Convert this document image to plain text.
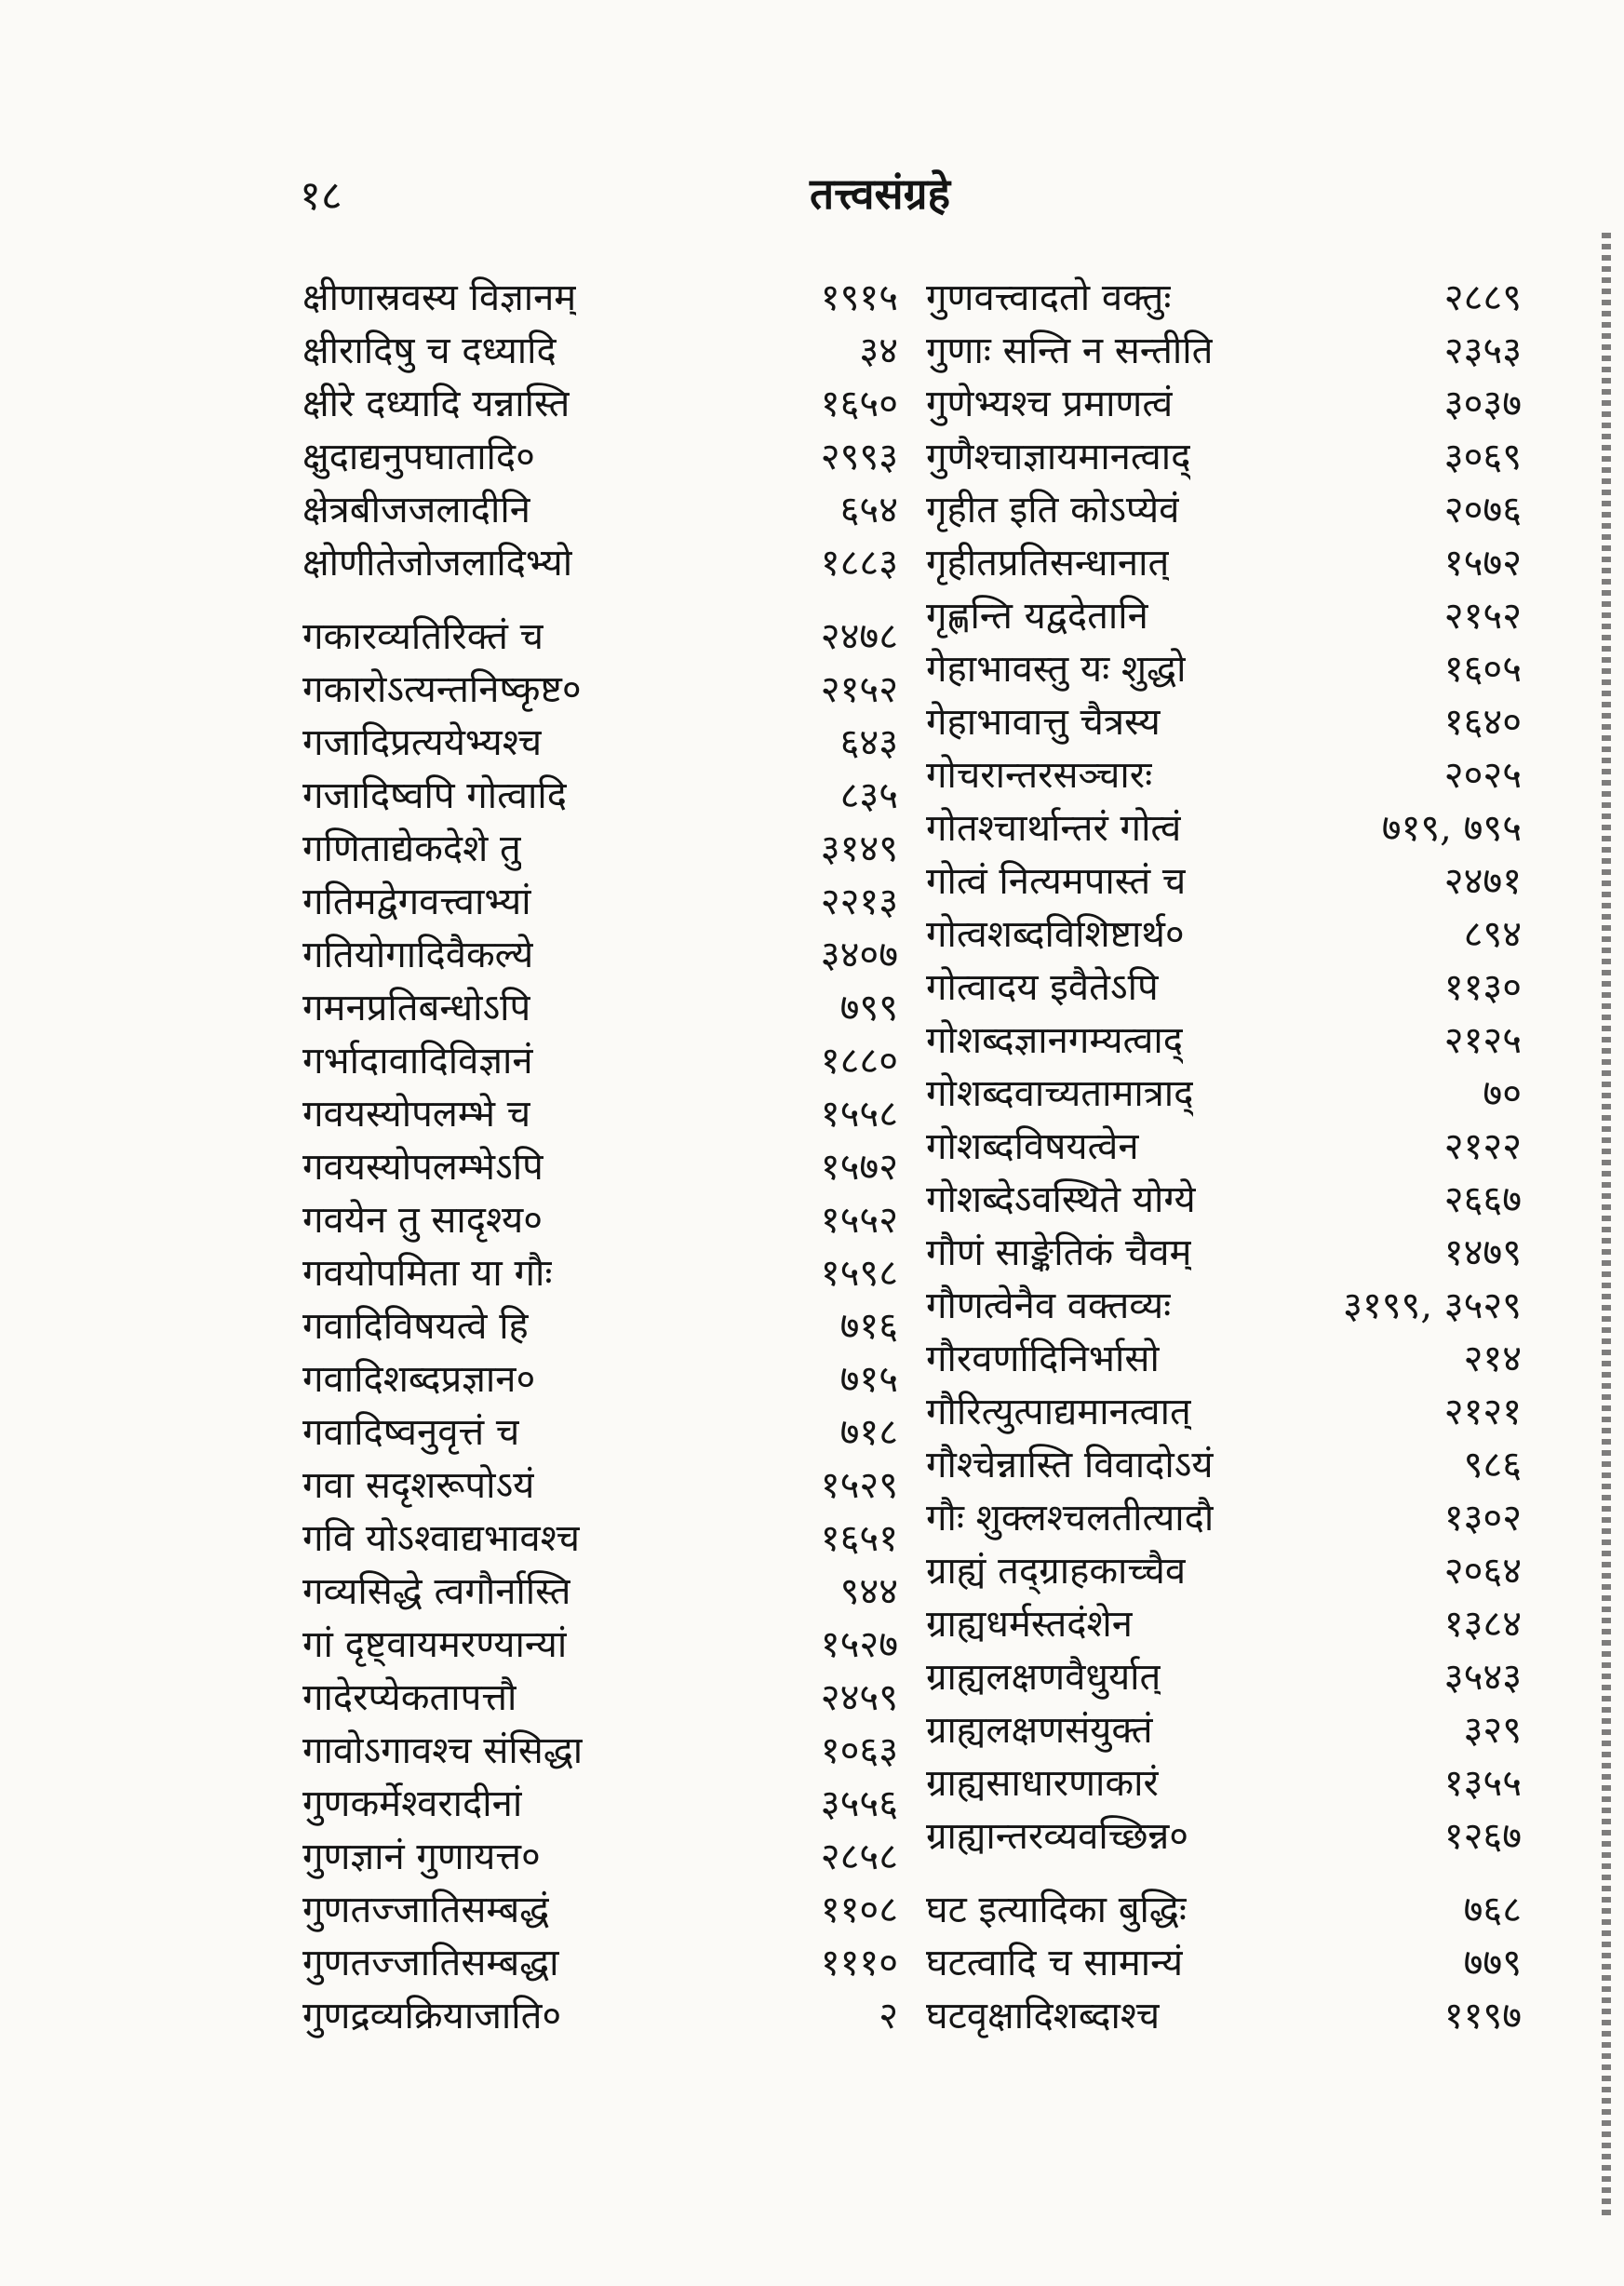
१८	तत्त्वसंग्रहे
क्षीणास्रवस्य विज्ञानम्	१९१५
क्षीरादिषु च दध्यादि	३४
क्षीरे दध्यादि यन्नास्ति	१६५०
क्षुदाद्यनुपघातादि०	२९९३
क्षेत्रबीजजलादीनि	६५४
क्षोणीतेजोजलादिभ्यो	१८८३
गकारव्यतिरिक्तं च	२४७८
गकारोऽत्यन्तनिष्कृष्ट०	२१५२
गजादिप्रत्ययेभ्यश्च	६४३
गजादिष्वपि गोत्वादि	८३५
गणिताद्येकदेशे तु	३१४९
गतिमद्वेगवत्त्वाभ्यां	२२१३
गतियोगादिवैकल्ये	३४०७
गमनप्रतिबन्धोऽपि	७९९
गर्भादावादिविज्ञानं	१८८०
गवयस्योपलम्भे च	१५५८
गवयस्योपलम्भेऽपि	१५७२
गवयेन तु सादृश्य०	१५५२
गवयोपमिता या गौः	१५९८
गवादिविषयत्वे हि	७१६
गवादिशब्दप्रज्ञान०	७१५
गवादिष्वनुवृत्तं च	७१८
गवा सदृशरूपोऽयं	१५२९
गवि योऽश्वाद्यभावश्च	१६५१
गव्यसिद्धे त्वगौर्नास्ति	९४४
गां दृष्ट्वायमरण्यान्यां	१५२७
गादेरप्येकतापत्तौ	२४५९
गावोऽगावश्च संसिद्धा	१०६३
गुणकर्मेश्वरादीनां	३५५६
गुणज्ञानं गुणायत्त०	२८५८
गुणतज्जातिसम्बद्धं	११०८
गुणतज्जातिसम्बद्धा	१११०
गुणद्रव्यक्रियाजाति०	२
गुणवत्त्वादतो वक्तुः	२८८९
गुणाः सन्ति न सन्तीति	२३५३
गुणेभ्यश्च प्रमाणत्वं	३०३७
गुणैश्चाज्ञायमानत्वाद्	३०६९
गृहीत इति कोऽप्येवं	२०७६
गृहीतप्रतिसन्धानात्	१५७२
गृह्णन्ति यद्वदेतानि	२१५२
गेहाभावस्तु यः शुद्धो	१६०५
गेहाभावात्तु चैत्रस्य	१६४०
गोचरान्तरसञ्चारः	२०२५
गोतश्चार्थान्तरं गोत्वं	७१९, ७९५
गोत्वं नित्यमपास्तं च	२४७१
गोत्वशब्दविशिष्टार्थ०	८९४
गोत्वादय इवैतेऽपि	११३०
गोशब्दज्ञानगम्यत्वाद्	२१२५
गोशब्दवाच्यतामात्राद्	७०
गोशब्दविषयत्वेन	२१२२
गोशब्देऽवस्थिते योग्ये	२६६७
गौणं साङ्केतिकं चैवम्	१४७९
गौणत्वेनैव वक्तव्यः	३१९९, ३५२९
गौरवर्णादिनिर्भासो	२१४
गौरित्युत्पाद्यमानत्वात्	२१२१
गौश्चेन्नास्ति विवादोऽयं	९८६
गौः शुक्लश्चलतीत्यादौ	१३०२
ग्राह्यं तद्ग्राहकाच्चैव	२०६४
ग्राह्यधर्मस्तदंशेन	१३८४
ग्राह्यलक्षणवैधुर्यात्	३५४३
ग्राह्यलक्षणसंयुक्तं	३२९
ग्राह्यसाधारणाकारं	१३५५
ग्राह्यान्तरव्यवच्छिन्न०	१२६७
घट इत्यादिका बुद्धिः	७६८
घटत्वादि च सामान्यं	७७९
घटवृक्षादिशब्दाश्च	११९७
